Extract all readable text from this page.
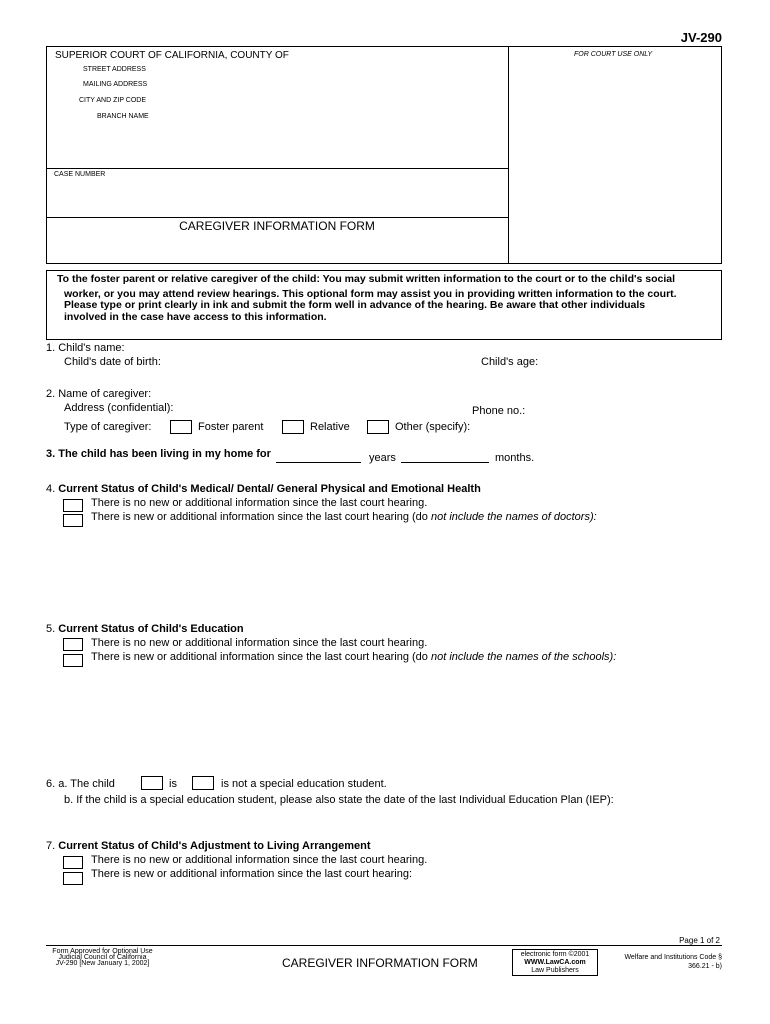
JV-290
SUPERIOR COURT OF CALIFORNIA, COUNTY OF
STREET ADDRESS
MAILING ADDRESS
CITY AND ZIP CODE
BRANCH NAME
FOR COURT USE ONLY
CASE NUMBER
CAREGIVER INFORMATION FORM
To the foster parent or relative caregiver of the child: You may submit written information to the court or to the child's social
worker, or you may attend review hearings. This optional form may assist you in providing written information to the court.
Please type or print clearly in ink and submit the form well in advance of the hearing. Be aware that other individuals
involved in the case have access to this information.
1. Child's name:
Child's date of birth:	Child's age:
2. Name of caregiver:
Address (confidential):	Phone no.:
Type of caregiver:	Foster parent	Relative	Other (specify):
3. The child has been living in my home for	years	months.
4. Current Status of Child's Medical/ Dental/ General Physical and Emotional Health
There is no new or additional information since the last court hearing.
There is new or additional information since the last court hearing (do not include the names of doctors):
5. Current Status of Child's Education
There is no new or additional information since the last court hearing.
There is new or additional information since the last court hearing (do not include the names of the schools):
6. a. The child	is	is not a special education student.
b. If the child is a special education student, please also state the date of the last Individual Education Plan (IEP):
7. Current Status of Child's Adjustment to Living Arrangement
There is no new or additional information since the last court hearing.
There is new or additional information since the last court hearing:
Page 1 of 2
Form Approved for Optional Use
Judicial Council of California
JV-290 [New January 1, 2002]	CAREGIVER INFORMATION FORM
electronic form ©2001
WWW.LawCA.com
Law Publishers
Welfare and Institutions Code §
366.21 - b)
